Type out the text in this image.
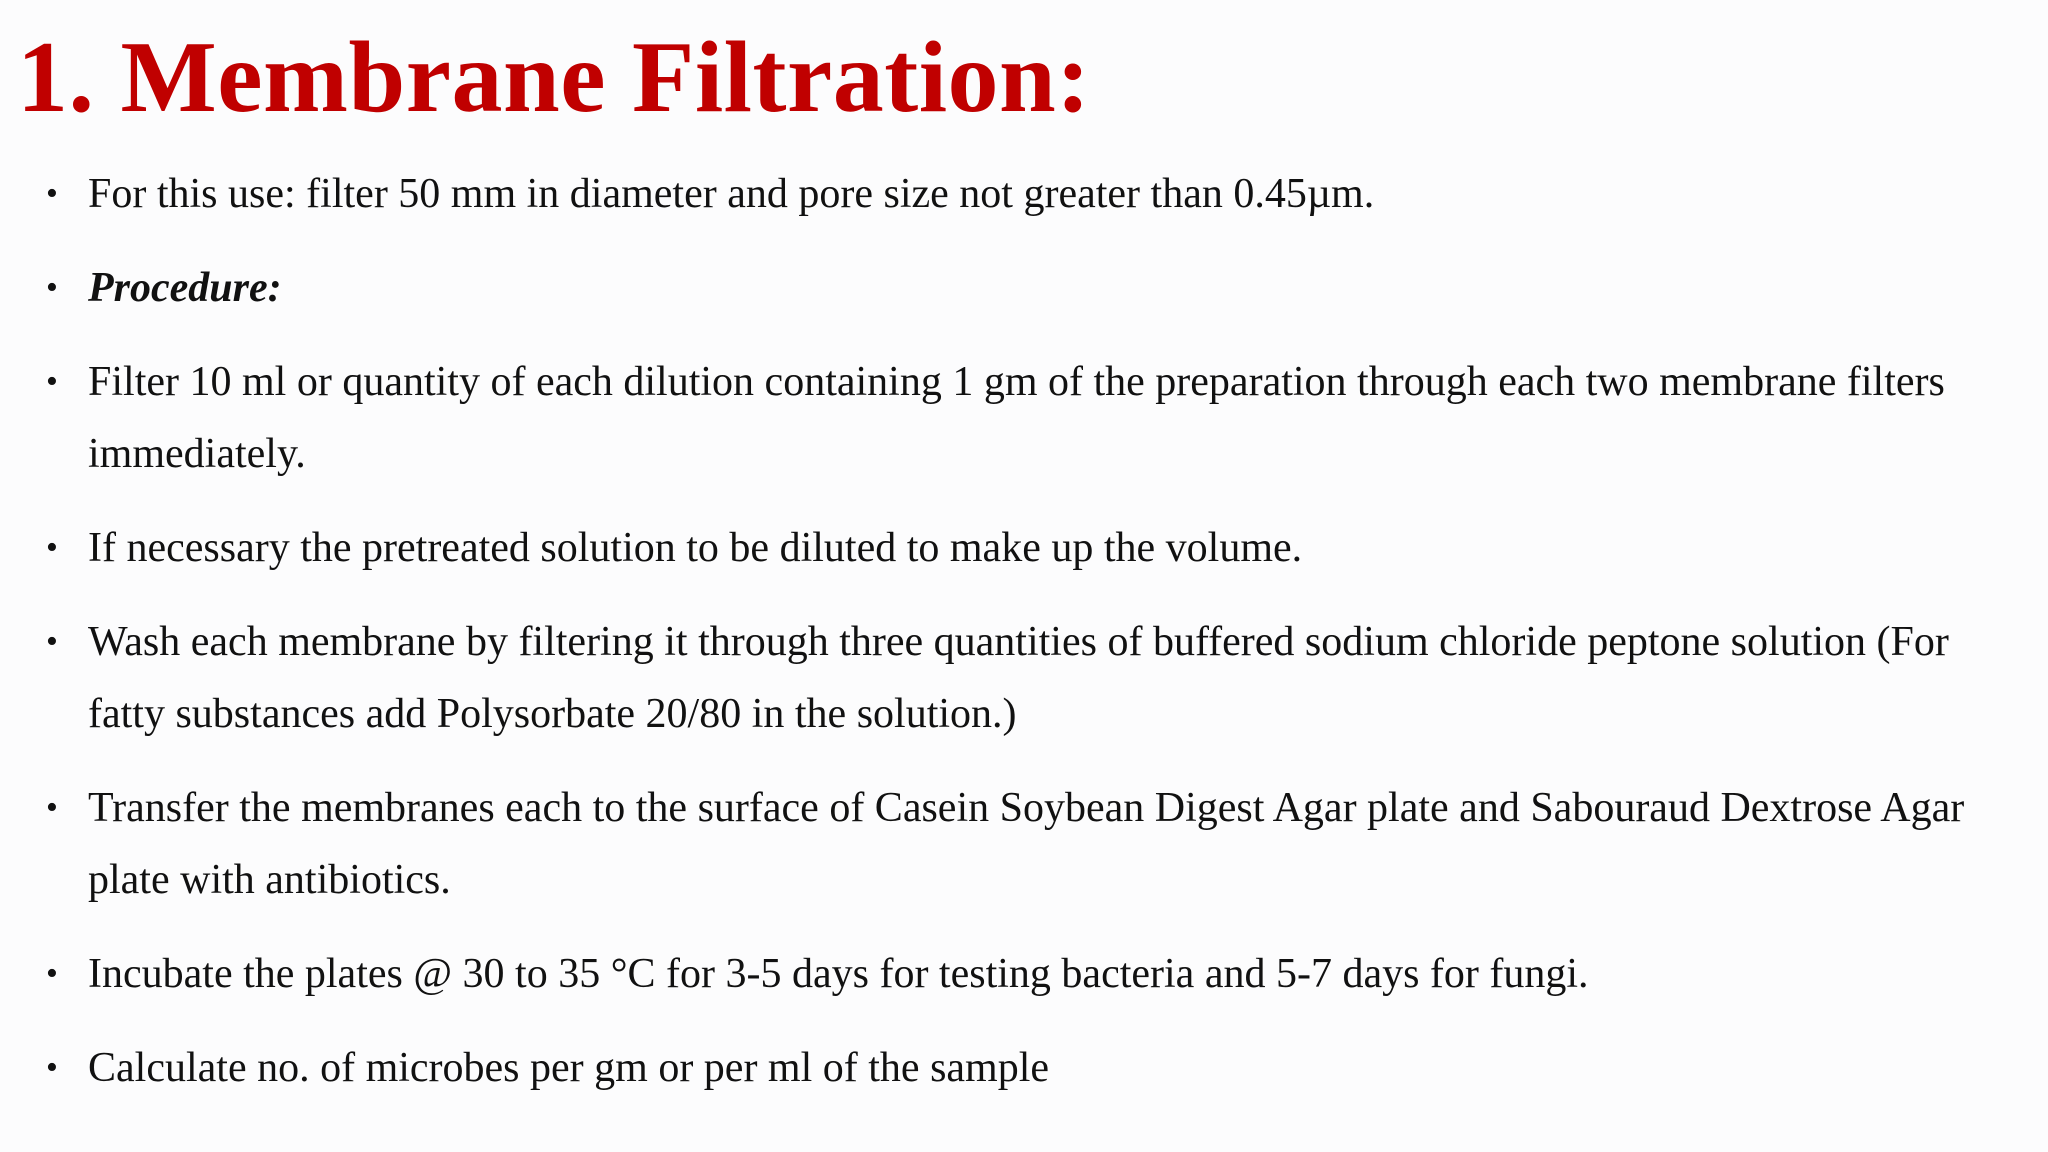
1. Membrane Filtration:
• For this use: filter 50 mm in diameter and pore size not greater than 0.45µm.
• Procedure:
• Filter 10 ml or quantity of each dilution containing 1 gm of the preparation through each two membrane filters immediately.
• If necessary the pretreated solution to be diluted to make up the volume.
• Wash each membrane by filtering it through three quantities of buffered sodium chloride peptone solution (For fatty substances add Polysorbate 20/80 in the solution.)
• Transfer the membranes each to the surface of Casein Soybean Digest Agar plate and Sabouraud Dextrose Agar plate with antibiotics.
• Incubate the plates @ 30 to 35 °C for 3-5 days for testing bacteria and 5-7 days for fungi.
• Calculate no. of microbes per gm or per ml of the sample
